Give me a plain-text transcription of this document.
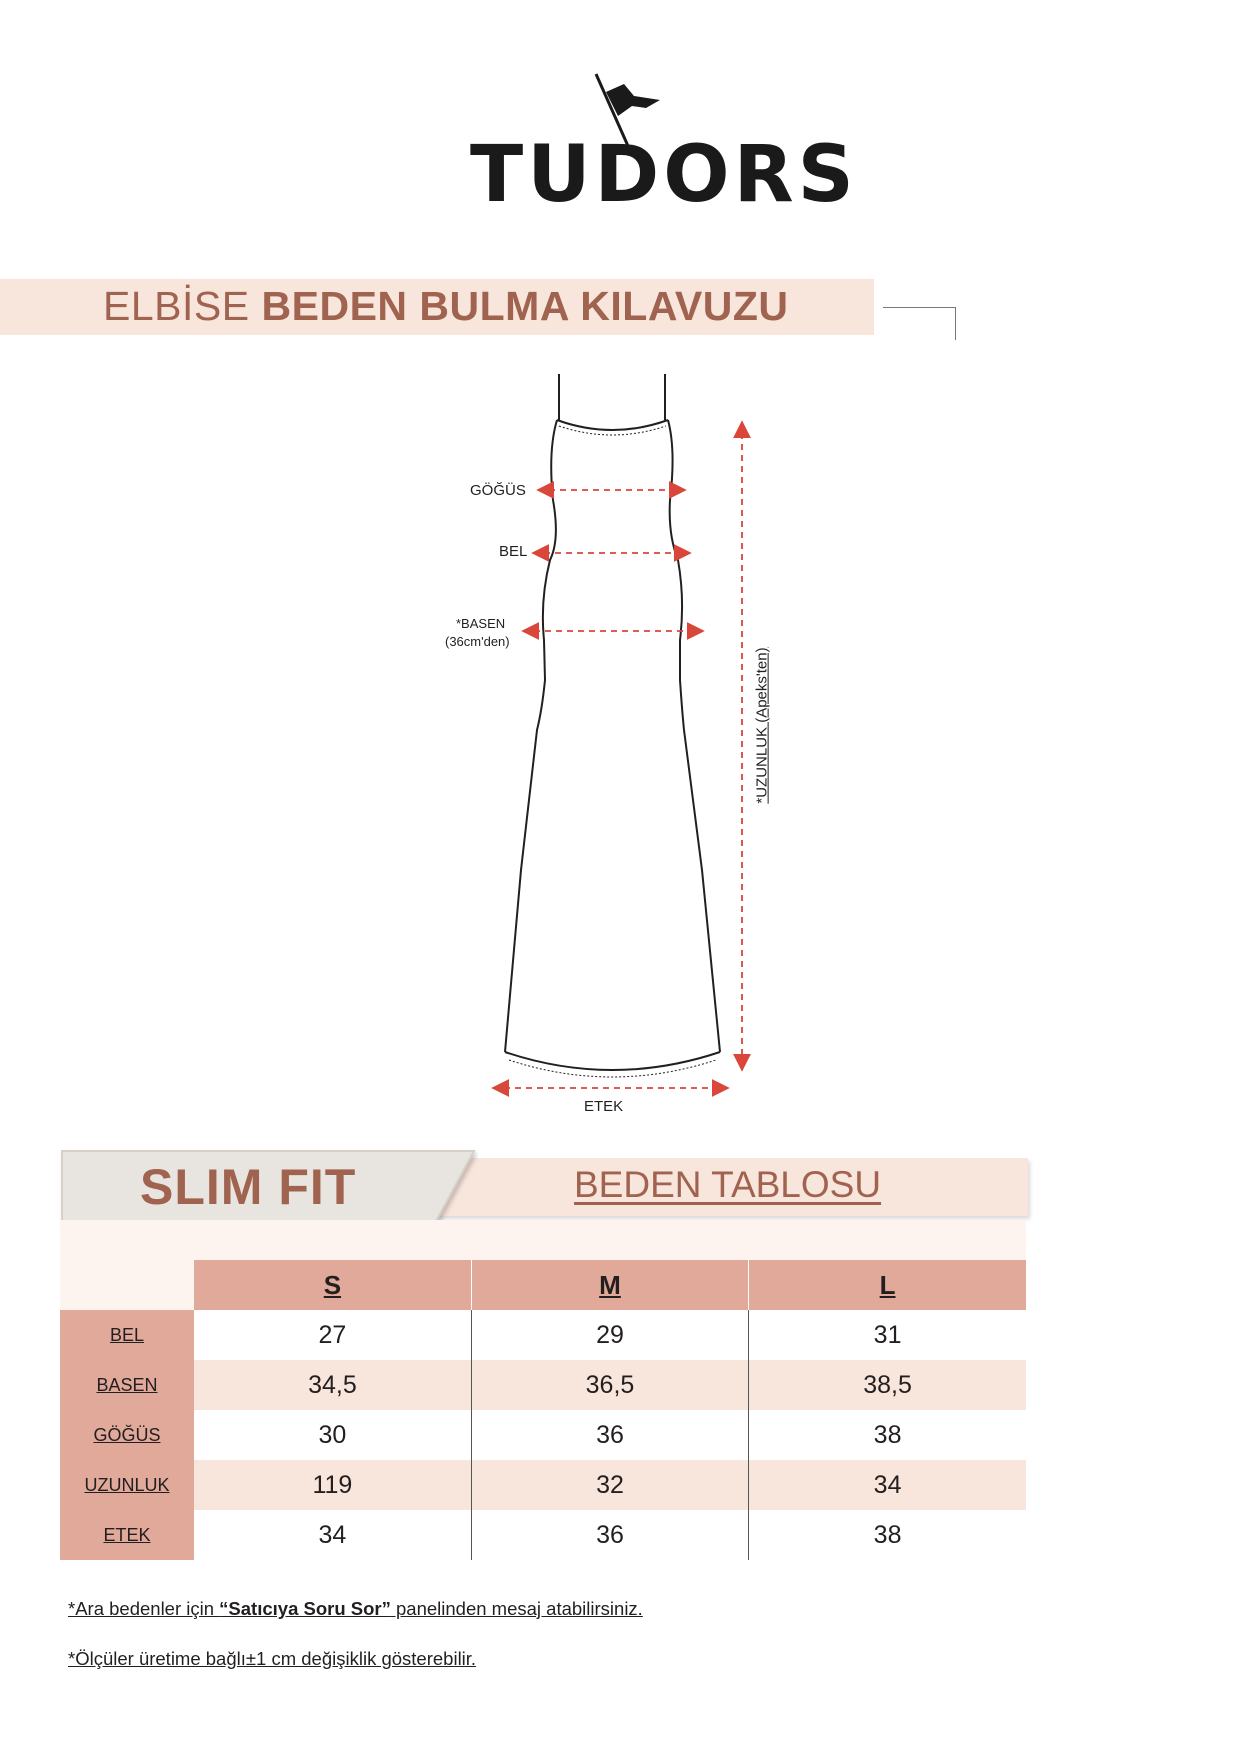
TUDORS
ELBİSE BEDEN BULMA KILAVUZU
GÖĞÜS
BEL
*BASEN
(36cm'den)
ETEK
*UZUNLUK (Apeks'ten)
SLIM FIT	BEDEN TABLOSU
	S	M	L
BEL	27	29	31
BASEN	34,5	36,5	38,5
GÖĞÜS	30	36	38
UZUNLUK	119	32	34
ETEK	34	36	38
*Ara bedenler için “Satıcıya Soru Sor” panelinden mesaj atabilirsiniz.
*Ölçüler üretime bağlı±1 cm değişiklik gösterebilir.
